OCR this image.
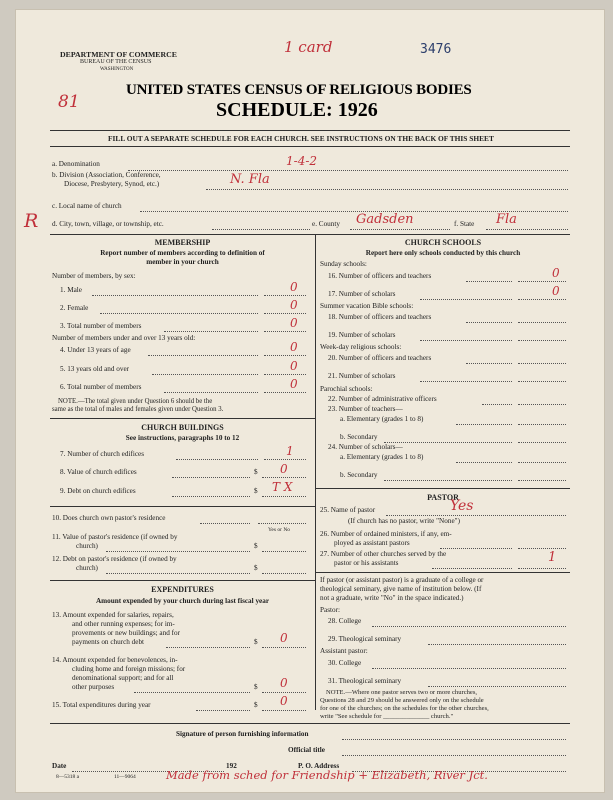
DEPARTMENT OF COMMERCE
BUREAU OF THE CENSUS
WASHINGTON
1 card	3476
81
UNITED STATES CENSUS OF RELIGIOUS BODIES
SCHEDULE: 1926
FILL OUT A SEPARATE SCHEDULE FOR EACH CHURCH. SEE INSTRUCTIONS ON THE BACK OF THIS SHEET
a. Denomination	1-4-2
b. Division (Association, Conference,
Diocese, Presbytery, Synod, etc.)	N. Fla
c. Local name of church
R d. City, town, village, or township, etc.	e. County Gadsden	f. State Fla
MEMBERSHIP
Report number of members according to definition of
member in your church
Number of members, by sex:
1. Male	0
2. Female	0
3. Total number of members	0
Number of members under and over 13 years old:
4. Under 13 years of age	0
5. 13 years old and over	0
6. Total number of members	0
NOTE.—The total given under Question 6 should be the
same as the total of males and females given under Question 3.
CHURCH BUILDINGS
See instructions, paragraphs 10 to 12
7. Number of church edifices	1
8. Value of church edifices	$ 0
9. Debt on church edifices	$ T X
10. Does church own pastor's residence
Yes or No
11. Value of pastor's residence (if owned by
church)	$
12. Debt on pastor's residence (if owned by
church)	$
EXPENDITURES
Amount expended by your church during last fiscal year
13. Amount expended for salaries, repairs,
and other running expenses; for im-
provements or new buildings; and for
payments on church debt	$ 0
14. Amount expended for benevolences, in-
cluding home and foreign missions; for
denominational support; and for all
other purposes	$ 0
15. Total expenditures during year	$ 0
CHURCH SCHOOLS
Report here only schools conducted by this church
Sunday schools:
16. Number of officers and teachers	0
17. Number of scholars	0
Summer vacation Bible schools:
18. Number of officers and teachers
19. Number of scholars
Week-day religious schools:
20. Number of officers and teachers
21. Number of scholars
Parochial schools:
22. Number of administrative officers
23. Number of teachers—
a. Elementary (grades 1 to 8)
b. Secondary
24. Number of scholars—
a. Elementary (grades 1 to 8)
b. Secondary
PASTOR
25. Name of pastor	Yes
(If church has no pastor, write "None")
26. Number of ordained ministers, if any, em-
ployed as assistant pastors
27. Number of other churches served by the
pastor or his assistants	1
If pastor (or assistant pastor) is a graduate of a college or
theological seminary, give name of institution below. (If
not a graduate, write "No" in the space indicated.)
Pastor:
28. College
29. Theological seminary
Assistant pastor:
30. College
31. Theological seminary
NOTE.—Where one pastor serves two or more churches,
Questions 28 and 29 should be answered only on the schedule
for one of the churches; on the schedules for the other churches,
write "See schedule for ______________ church."
Signature of person furnishing information
Official title
Date	192	P. O. Address
8—5318 a	11—9064	Made from sched for Friendship + Elizabeth, River Jct.
